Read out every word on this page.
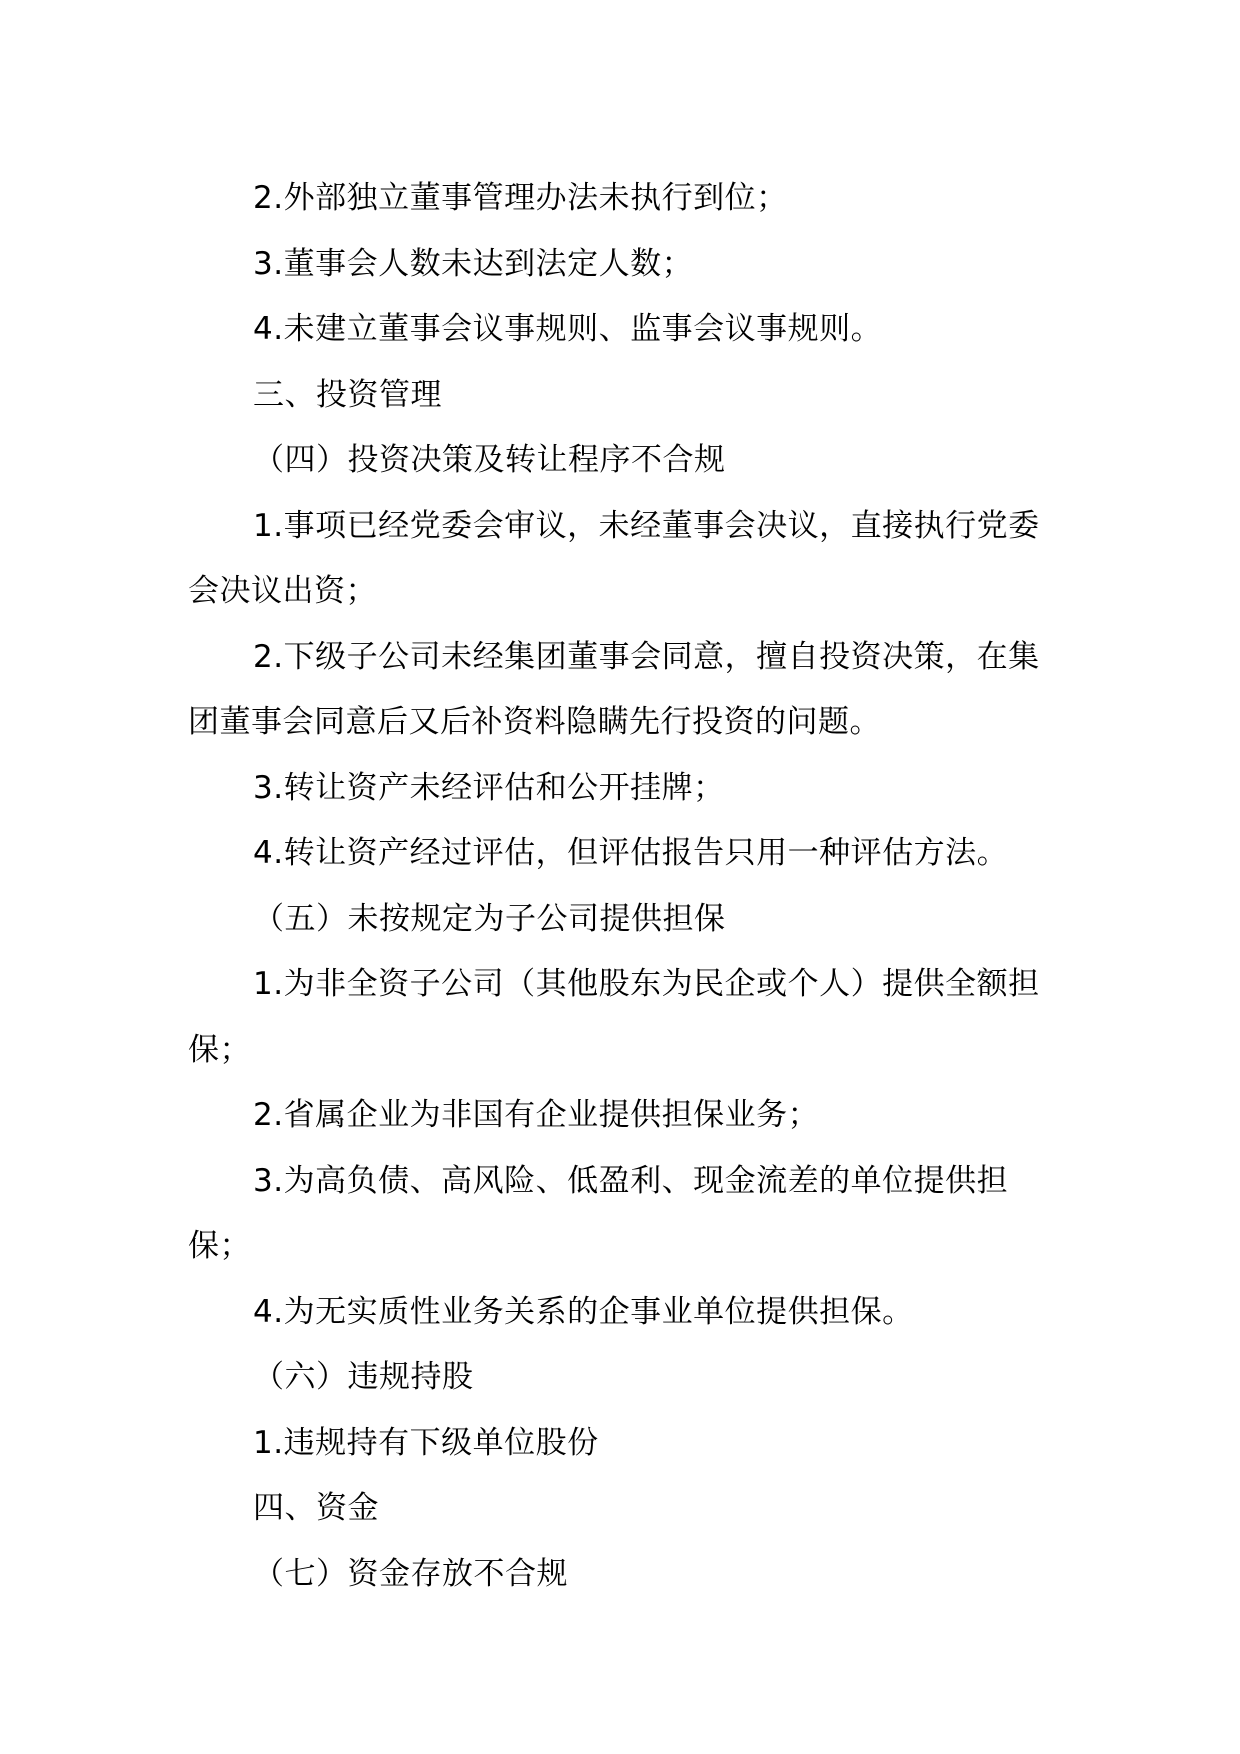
2.外部独立董事管理办法未执行到位；

3.董事会人数未达到法定人数；

4.未建立董事会议事规则、监事会议事规则。

三、投资管理

（四）投资决策及转让程序不合规

1.事项已经党委会审议，未经董事会决议，直接执行党委会决议出资；

2.下级子公司未经集团董事会同意，擅自投资决策，在集团董事会同意后又后补资料隐瞒先行投资的问题。

3.转让资产未经评估和公开挂牌；

4.转让资产经过评估，但评估报告只用一种评估方法。

（五）未按规定为子公司提供担保

1.为非全资子公司（其他股东为民企或个人）提供全额担保；

2.省属企业为非国有企业提供担保业务；

3.为高负债、高风险、低盈利、现金流差的单位提供担保；

4.为无实质性业务关系的企事业单位提供担保。

（六）违规持股

1.违规持有下级单位股份

四、资金

（七）资金存放不合规
